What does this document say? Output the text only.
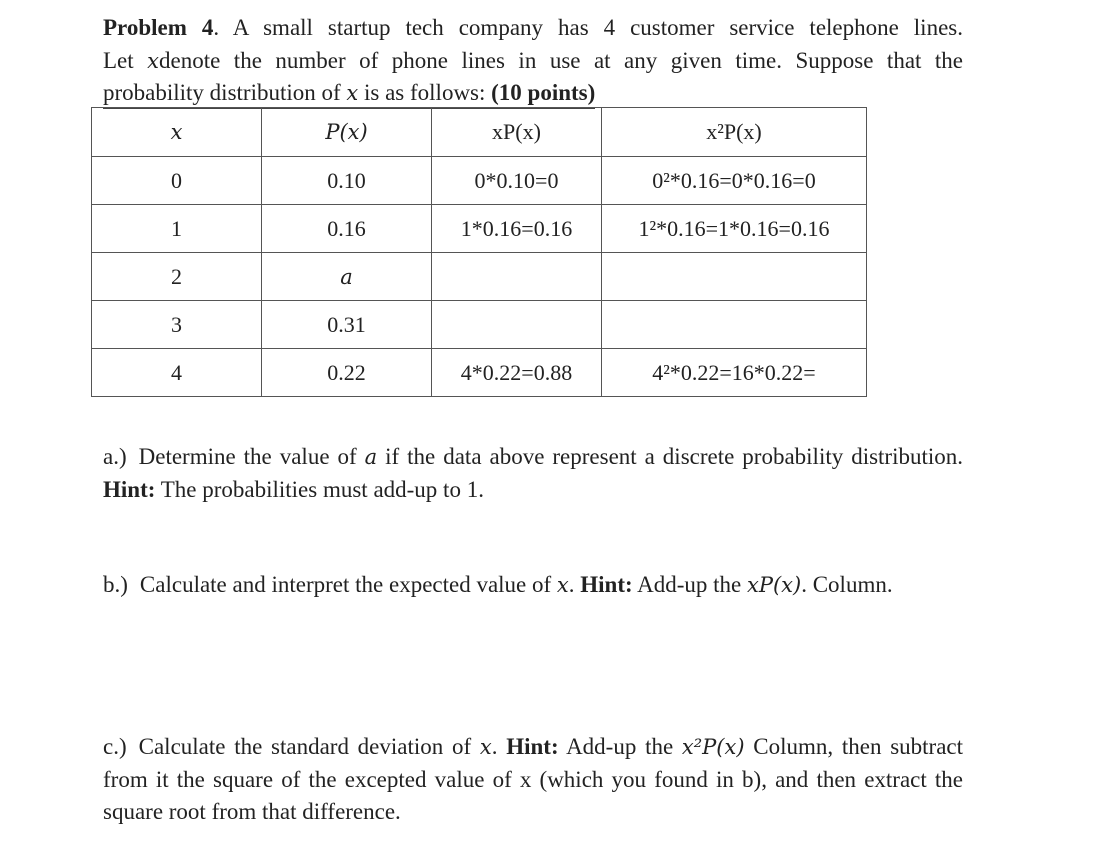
Problem 4. A small startup tech company has 4 customer service telephone lines.
Let xdenote the number of phone lines in use at any given time. Suppose that the
probability distribution of x is as follows: (10 points)
x	P(x)	xP(x)	x²P(x)
0	0.10	0*0.10=0	0²*0.16=0*0.16=0
1	0.16	1*0.16=0.16	1²*0.16=1*0.16=0.16
2	a		
3	0.31		
4	0.22	4*0.22=0.88	4²*0.22=16*0.22=
a.) Determine the value of a if the data above represent a discrete probability distribution. Hint: The probabilities must add-up to 1.
b.) Calculate and interpret the expected value of x. Hint: Add-up the xP(x). Column.
c.) Calculate the standard deviation of x. Hint: Add-up the x²P(x) Column, then subtract from it the square of the excepted value of x (which you found in b), and then extract the square root from that difference.
